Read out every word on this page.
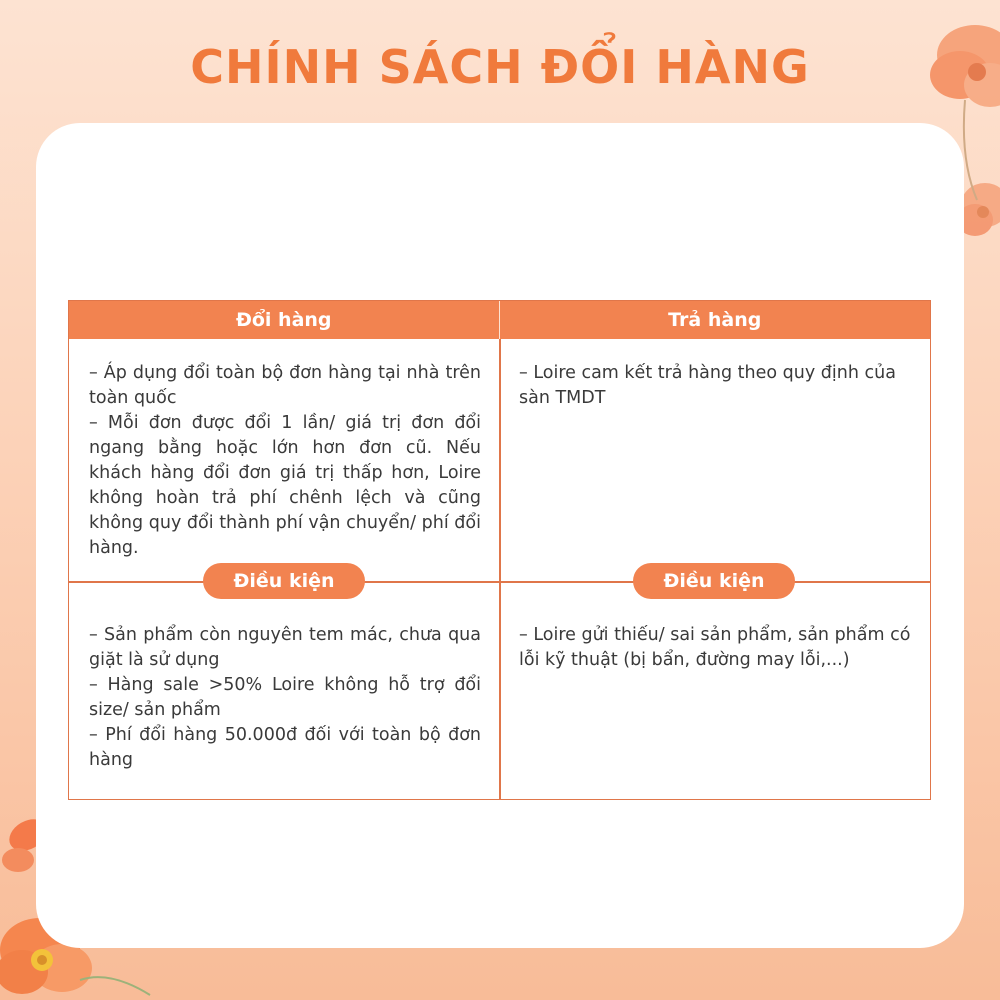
CHÍNH SÁCH ĐỔI HÀNG
Đổi hàng	Trả hàng

– Áp dụng đổi toàn bộ đơn hàng tại nhà trên toàn quốc

– Mỗi đơn được đổi 1 lần/ giá trị đơn đổi ngang bằng hoặc lớn hơn đơn cũ. Nếu khách hàng đổi đơn giá trị thấp hơn, Loire không hoàn trả phí chênh lệch và cũng không quy đổi thành phí vận chuyển/ phí đổi hàng.

– Loire cam kết trả hàng theo quy định của sàn TMDT

Điều kiện	Điều kiện

– Sản phẩm còn nguyên tem mác, chưa qua giặt là sử dụng

– Hàng sale >50% Loire không hỗ trợ đổi size/ sản phẩm

– Phí đổi hàng 50.000đ đối với toàn bộ đơn hàng

– Loire gửi thiếu/ sai sản phẩm, sản phẩm có lỗi kỹ thuật (bị bẩn, đường may lỗi,...)
